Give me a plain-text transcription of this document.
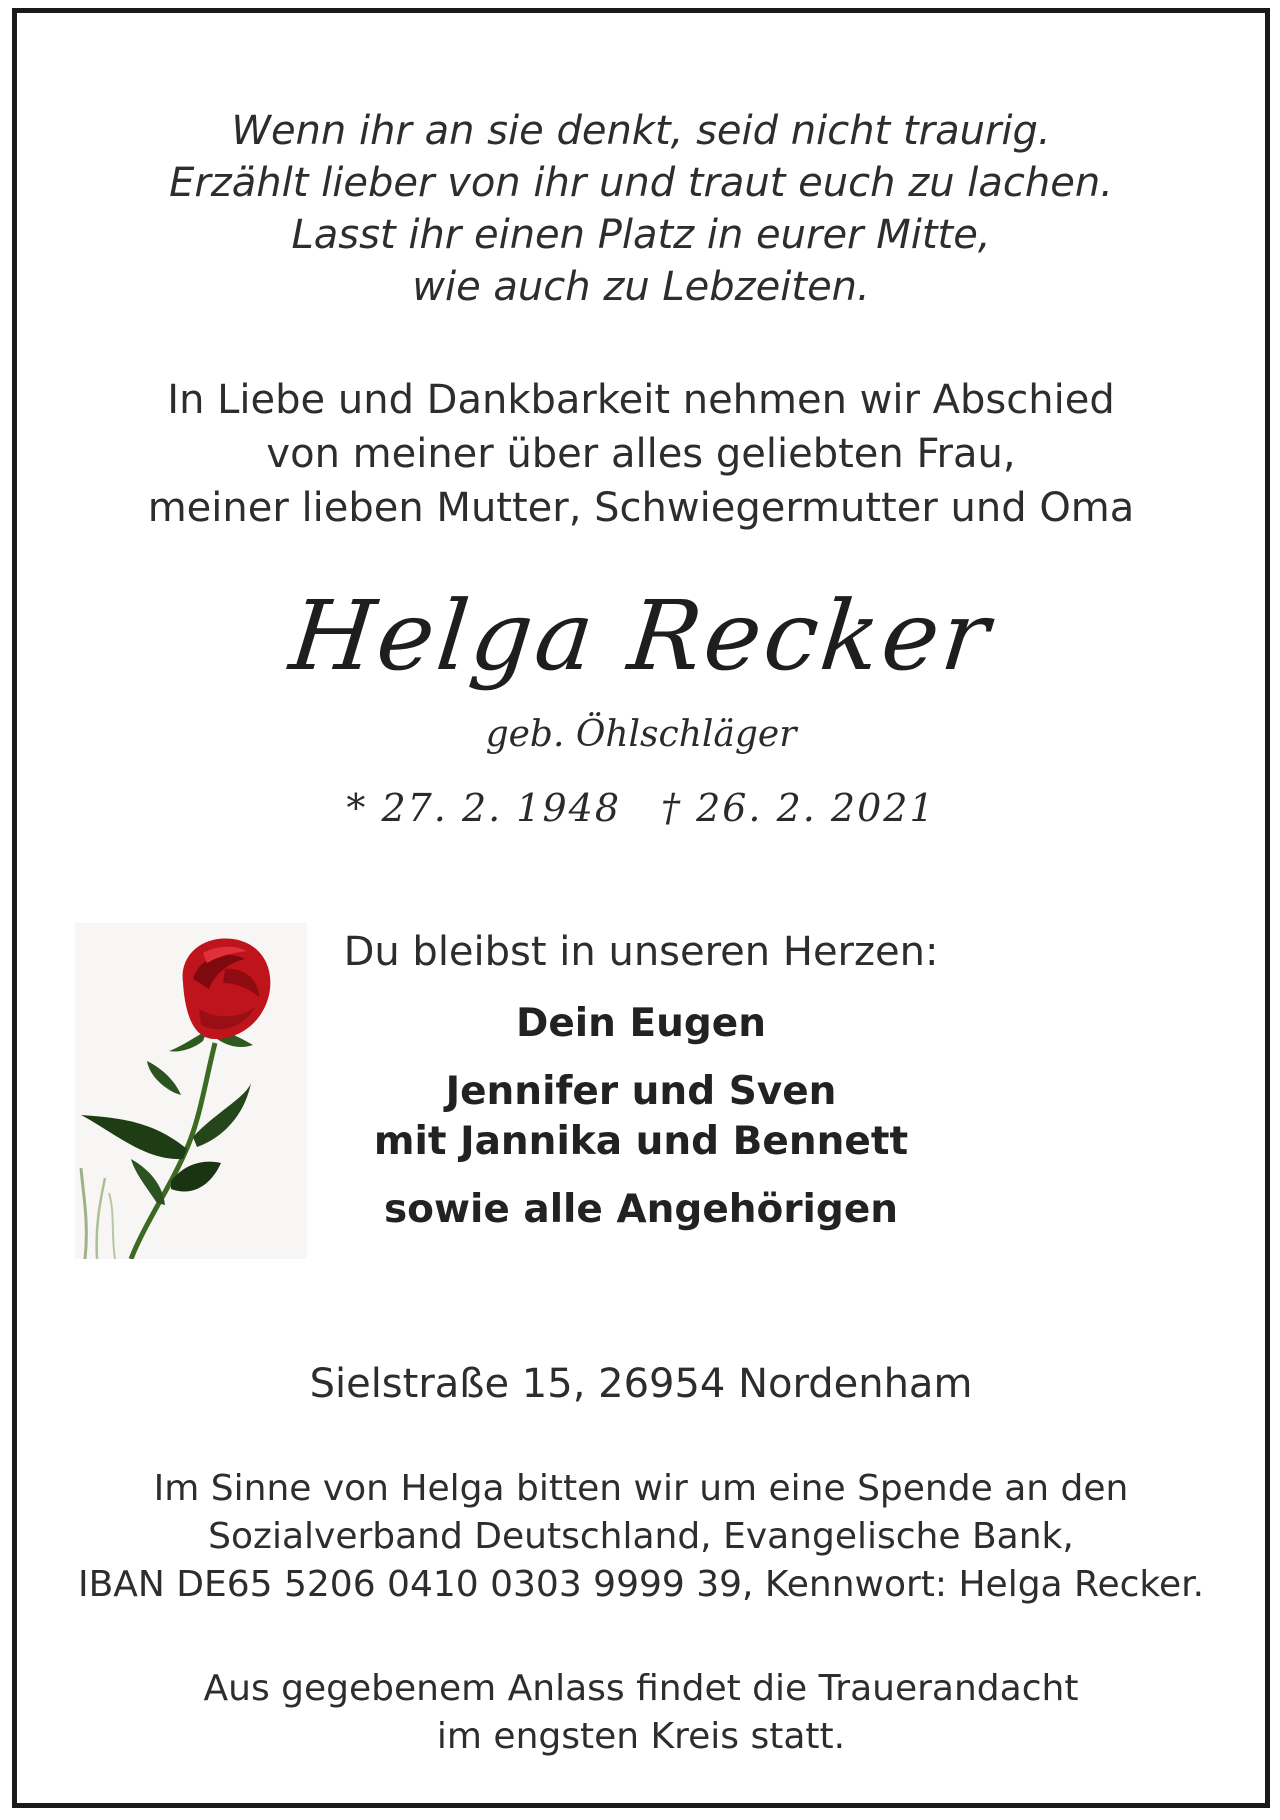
Wenn ihr an sie denkt, seid nicht traurig.
Erzählt lieber von ihr und traut euch zu lachen.
Lasst ihr einen Platz in eurer Mitte,
wie auch zu Lebzeiten.
In Liebe und Dankbarkeit nehmen wir Abschied
von meiner über alles geliebten Frau,
meiner lieben Mutter, Schwiegermutter und Oma
Helga Recker
geb. Öhlschläger
* 27. 2. 1948 † 26. 2. 2021
Du bleibst in unseren Herzen:
Dein Eugen
Jennifer und Sven
mit Jannika und Bennett
sowie alle Angehörigen
Sielstraße 15, 26954 Nordenham
Im Sinne von Helga bitten wir um eine Spende an den
Sozialverband Deutschland, Evangelische Bank,
IBAN DE65 5206 0410 0303 9999 39, Kennwort: Helga Recker.
Aus gegebenem Anlass findet die Trauerandacht
im engsten Kreis statt.
